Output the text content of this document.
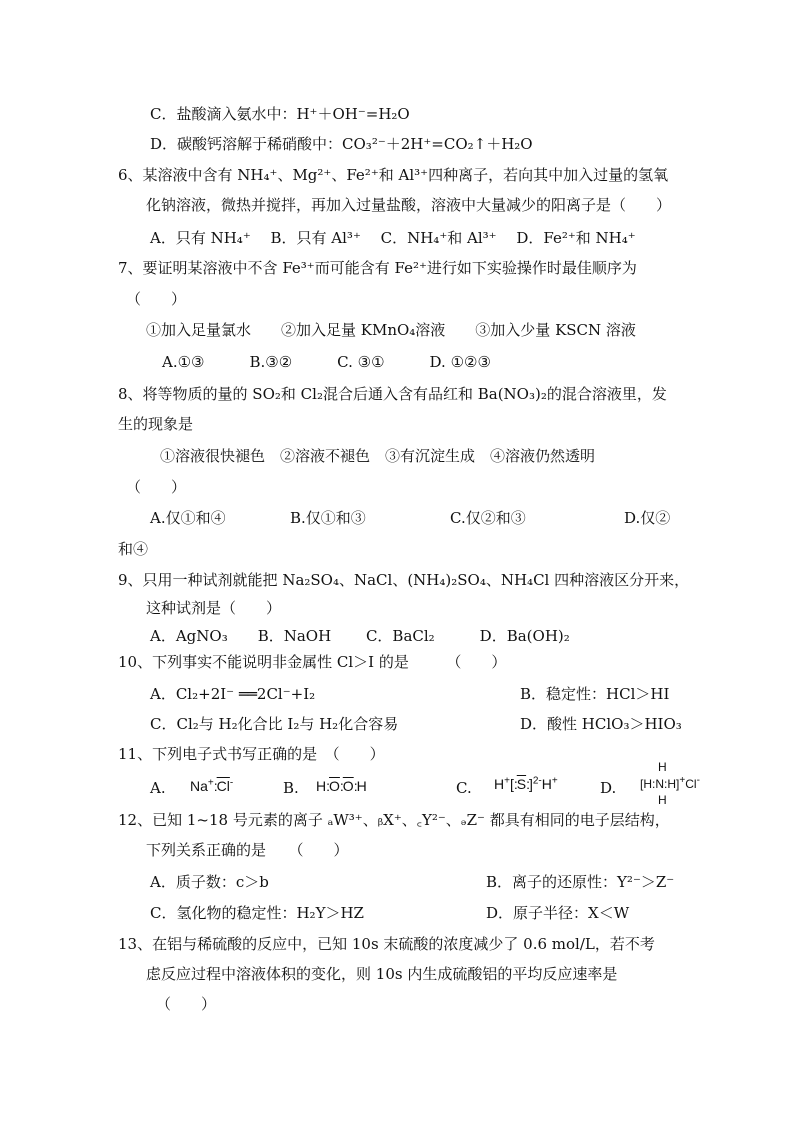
C．盐酸滴入氨水中：H⁺＋OH⁻=H₂O
D．碳酸钙溶解于稀硝酸中：CO₃²⁻＋2H⁺=CO₂↑＋H₂O
6、某溶液中含有 NH₄⁺、Mg²⁺、Fe²⁺和 Al³⁺四种离子，若向其中加入过量的氢氧
化钠溶液，微热并搅拌，再加入过量盐酸，溶液中大量减少的阳离子是（　　）
A．只有 NH₄⁺　 B．只有 Al³⁺　 C．NH₄⁺和 Al³⁺　 D．Fe²⁺和 NH₄⁺
7、要证明某溶液中不含 Fe³⁺而可能含有 Fe²⁺进行如下实验操作时最佳顺序为
（　　）
①加入足量氯水　　②加入足量 KMnO₄溶液　　③加入少量 KSCN 溶液
A.①③　　　B.③②　　　C. ③①　　　D. ①②③
8、将等物质的量的 SO₂和 Cl₂混合后通入含有品红和 Ba(NO₃)₂的混合溶液里，发
生的现象是
①溶液很快褪色　②溶液不褪色　③有沉淀生成　④溶液仍然透明
（　　）
A.仅①和④	B.仅①和③	C.仅②和③	D.仅②
和④
9、只用一种试剂就能把 Na₂SO₄、NaCl、(NH₄)₂SO₄、NH₄Cl 四种溶液区分开来，
这种试剂是（　　）
A．AgNO₃　　B．NaOH　　 C．BaCl₂　　　D．Ba(OH)₂
10、下列事实不能说明非金属性 Cl＞I 的是　　　（　　）
A．Cl₂+2I⁻ ══2Cl⁻+I₂	B．稳定性：HCl＞HI
C．Cl₂与 H₂化合比 I₂与 H₂化合容易	D．酸性 HClO₃＞HIO₃
11、下列电子式书写正确的是　（　　）
A. $Na^+:\overline{Cl}^-$	B. $H:\overline{O}:\overline{O}:H$	C. $H^+[:\overline{S}:]^{2-}H^+$	D.
H
[H:N:H]+Cl-
H
12、已知 1~18 号元素的离子 ₐW³⁺、ᵦX⁺、꜀Y²⁻、ₔZ⁻ 都具有相同的电子层结构，
下列关系正确的是　　（　　）
A．质子数：c＞b	B．离子的还原性：Y²⁻＞Z⁻
C．氢化物的稳定性：H₂Y＞HZ	D．原子半径：X＜W
13、在铝与稀硫酸的反应中，已知 10s 末硫酸的浓度减少了 0.6 mol/L，若不考
虑反应过程中溶液体积的变化，则 10s 内生成硫酸铝的平均反应速率是
（　　）
